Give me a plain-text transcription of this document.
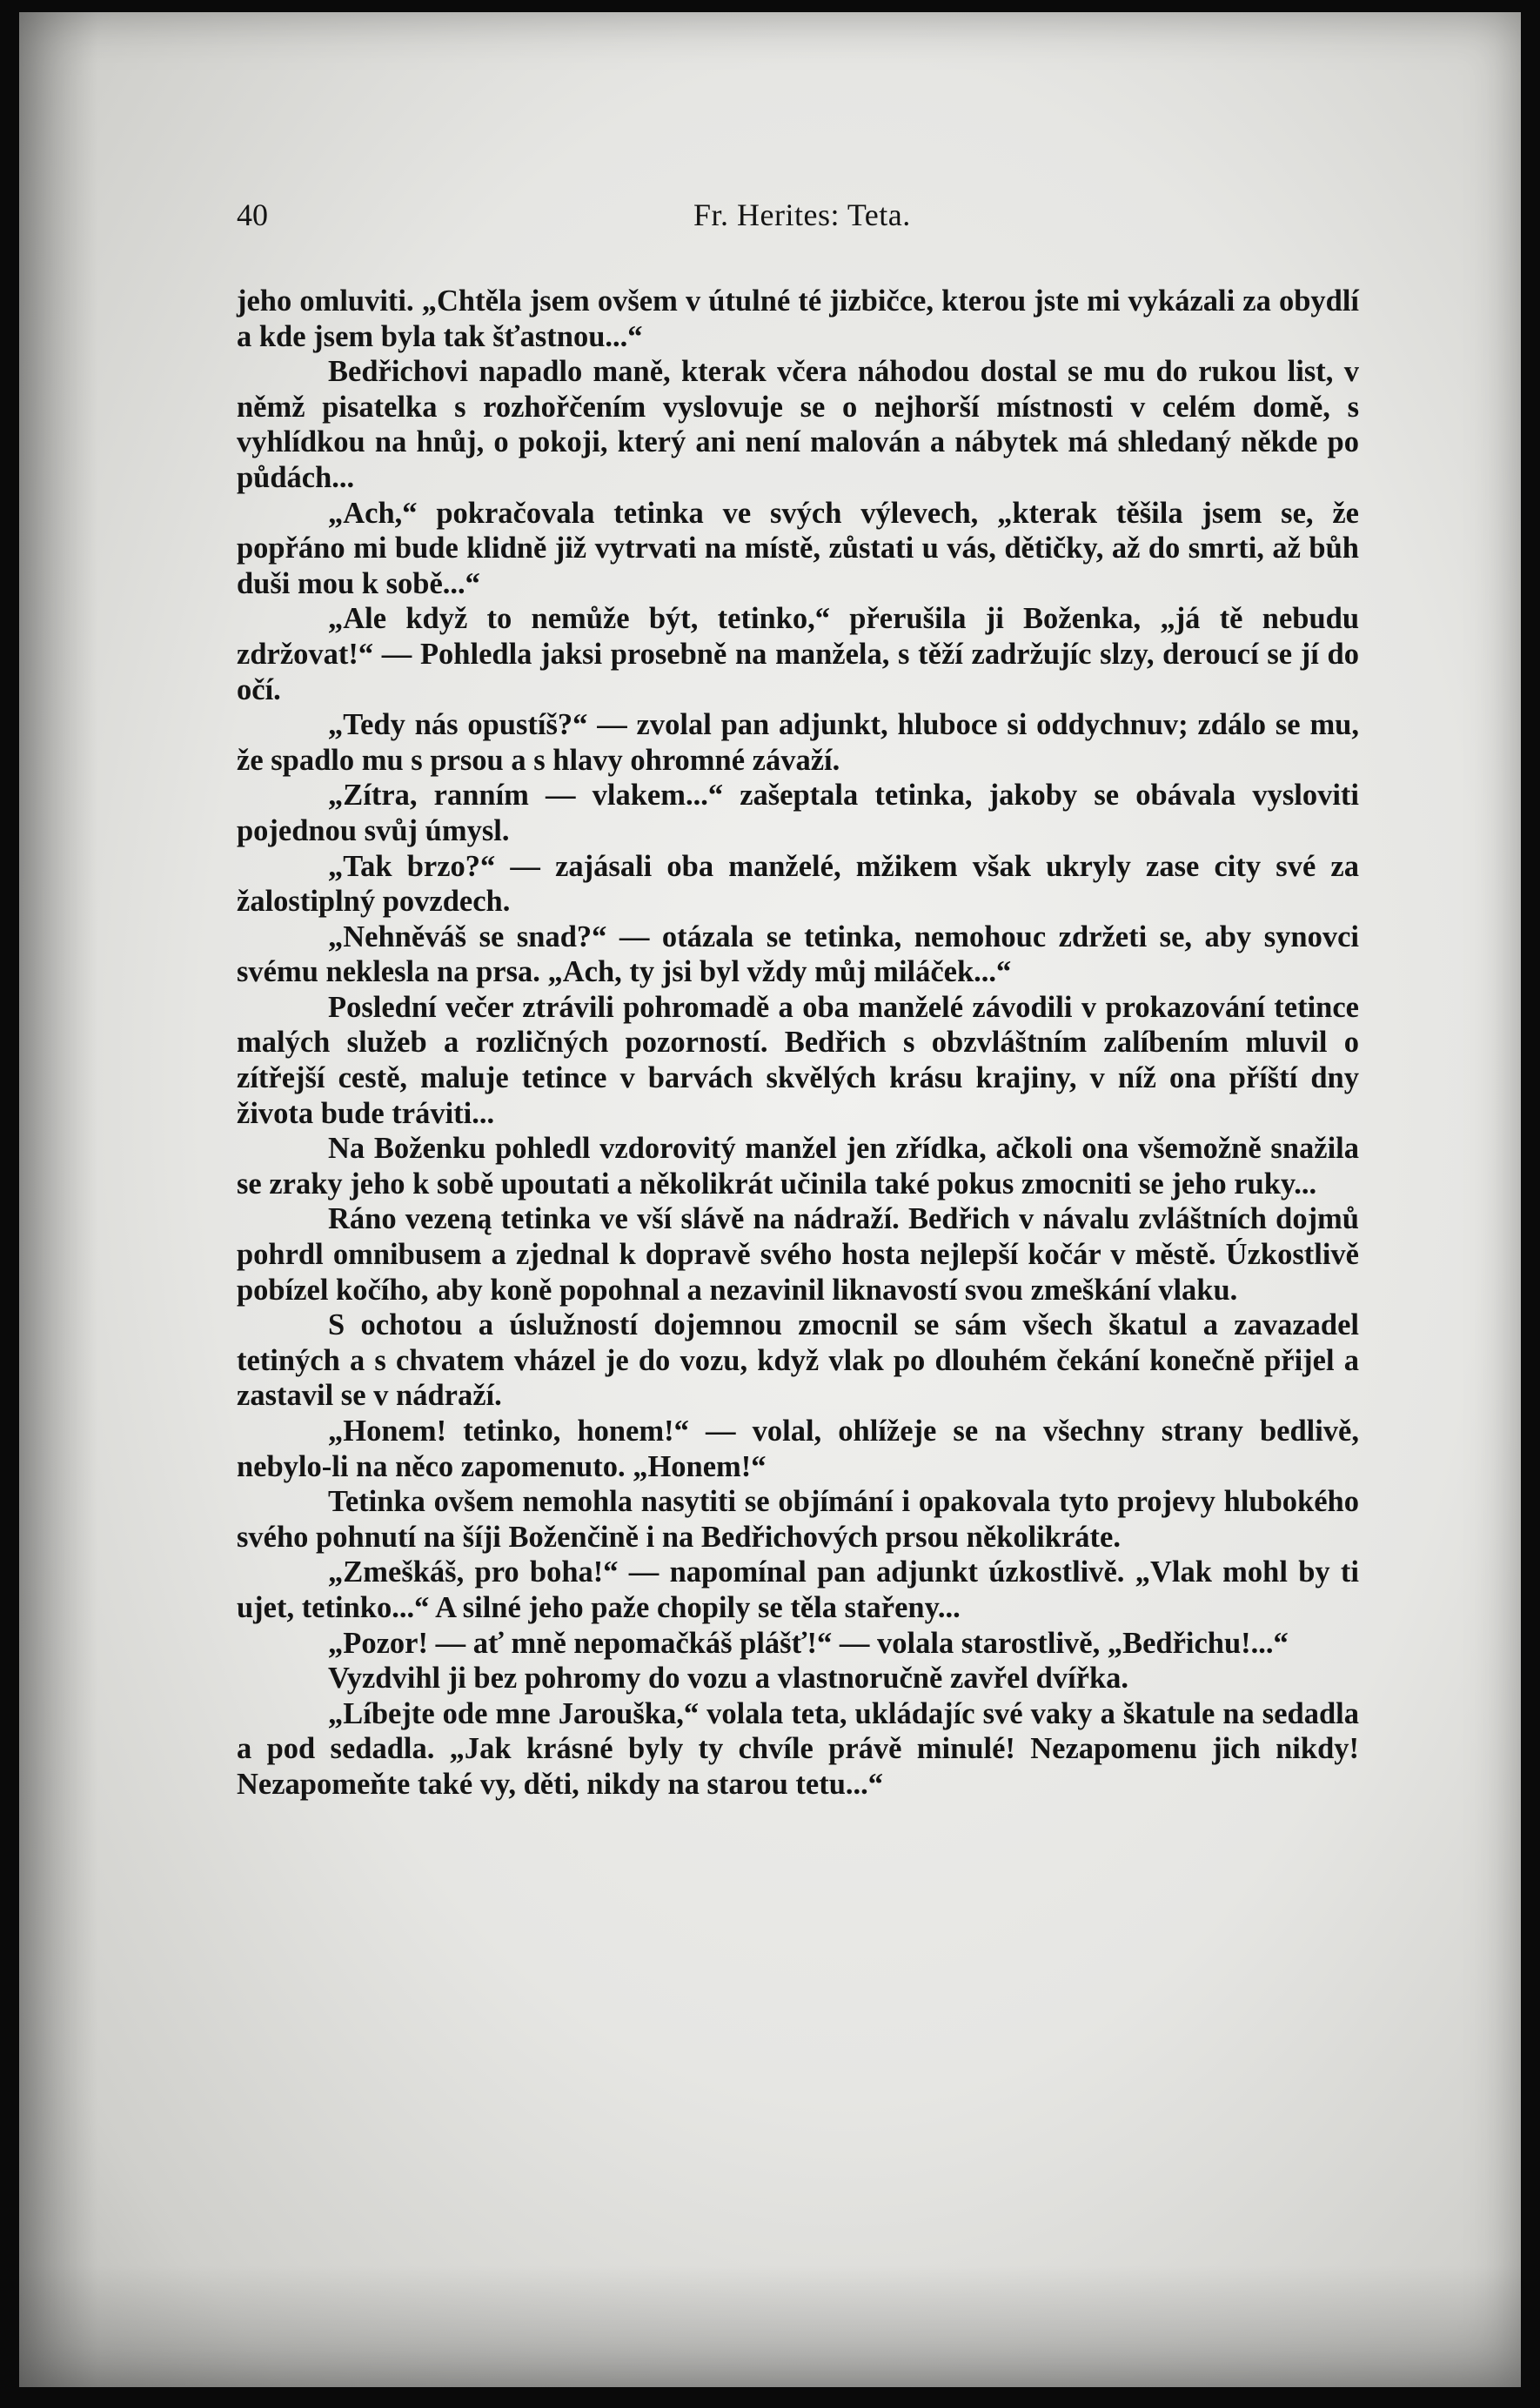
40	Fr. Herites: Teta.

jeho omluviti. „Chtěla jsem ovšem v útulné té jizbičce, kterou jste mi vykázali za obydlí a kde jsem byla tak šťastnou...“

Bedřichovi napadlo maně, kterak včera náhodou dostal se mu do rukou list, v němž pisatelka s rozhořčením vyslovuje se o nejhorší místnosti v celém domě, s vyhlídkou na hnůj, o pokoji, který ani není malován a nábytek má shledaný někde po půdách...

„Ach,“ pokračovala tetinka ve svých výlevech, „kterak těšila jsem se, že popřáno mi bude klidně již vytrvati na místě, zůstati u vás, dětičky, až do smrti, až bůh duši mou k sobě...“

„Ale když to nemůže být, tetinko,“ přerušila ji Boženka, „já tě nebudu zdržovat!“ — Pohledla jaksi prosebně na manžela, s těží zadržujíc slzy, deroucí se jí do očí.

„Tedy nás opustíš?“ — zvolal pan adjunkt, hluboce si oddychnuv; zdálo se mu, že spadlo mu s prsou a s hlavy ohromné závaží.

„Zítra, ranním — vlakem...“ zašeptala tetinka, jakoby se obávala vysloviti pojednou svůj úmysl.

„Tak brzo?“ — zajásali oba manželé, mžikem však ukryly zase city své za žalostiplný povzdech.

„Nehněváš se snad?“ — otázala se tetinka, nemohouc zdržeti se, aby synovci svému neklesla na prsa. „Ach, ty jsi byl vždy můj miláček...“

Poslední večer ztrávili pohromadě a oba manželé závodili v prokazování tetince malých služeb a rozličných pozorností. Bedřich s obzvláštním zalíbením mluvil o zítřejší cestě, maluje tetince v barvách skvělých krásu krajiny, v níž ona příští dny života bude tráviti...

Na Boženku pohledl vzdorovitý manžel jen zřídka, ačkoli ona všemožně snažila se zraky jeho k sobě upoutati a několikrát učinila také pokus zmocniti se jeho ruky...

Ráno vezeną tetinka ve vší slávě na nádraží. Bedřich v návalu zvláštních dojmů pohrdl omnibusem a zjednal k dopravě svého hosta nejlepší kočár v městě. Úzkostlivě pobízel kočího, aby koně popohnal a nezavinil liknavostí svou zmeškání vlaku.

S ochotou a úslužností dojemnou zmocnil se sám všech škatul a zavazadel tetiných a s chvatem vházel je do vozu, když vlak po dlouhém čekání konečně přijel a zastavil se v nádraží.

„Honem! tetinko, honem!“ — volal, ohlížeje se na všechny strany bedlivě, nebylo-li na něco zapomenuto. „Honem!“

Tetinka ovšem nemohla nasytiti se objímání i opakovala tyto projevy hlubokého svého pohnutí na šíji Boženčině i na Bedřichových prsou několikráte.

„Zmeškáš, pro boha!“ — napomínal pan adjunkt úzkostlivě. „Vlak mohl by ti ujet, tetinko...“ A silné jeho paže chopily se těla stařeny...

„Pozor! — ať mně nepomačkáš plášť!“ — volala starostlivě, „Bedřichu!...“

Vyzdvihl ji bez pohromy do vozu a vlastnoručně zavřel dvířka.

„Líbejte ode mne Jarouška,“ volala teta, ukládajíc své vaky a škatule na sedadla a pod sedadla. „Jak krásné byly ty chvíle právě minulé! Nezapomenu jich nikdy! Nezapomeňte také vy, děti, nikdy na starou tetu...“
